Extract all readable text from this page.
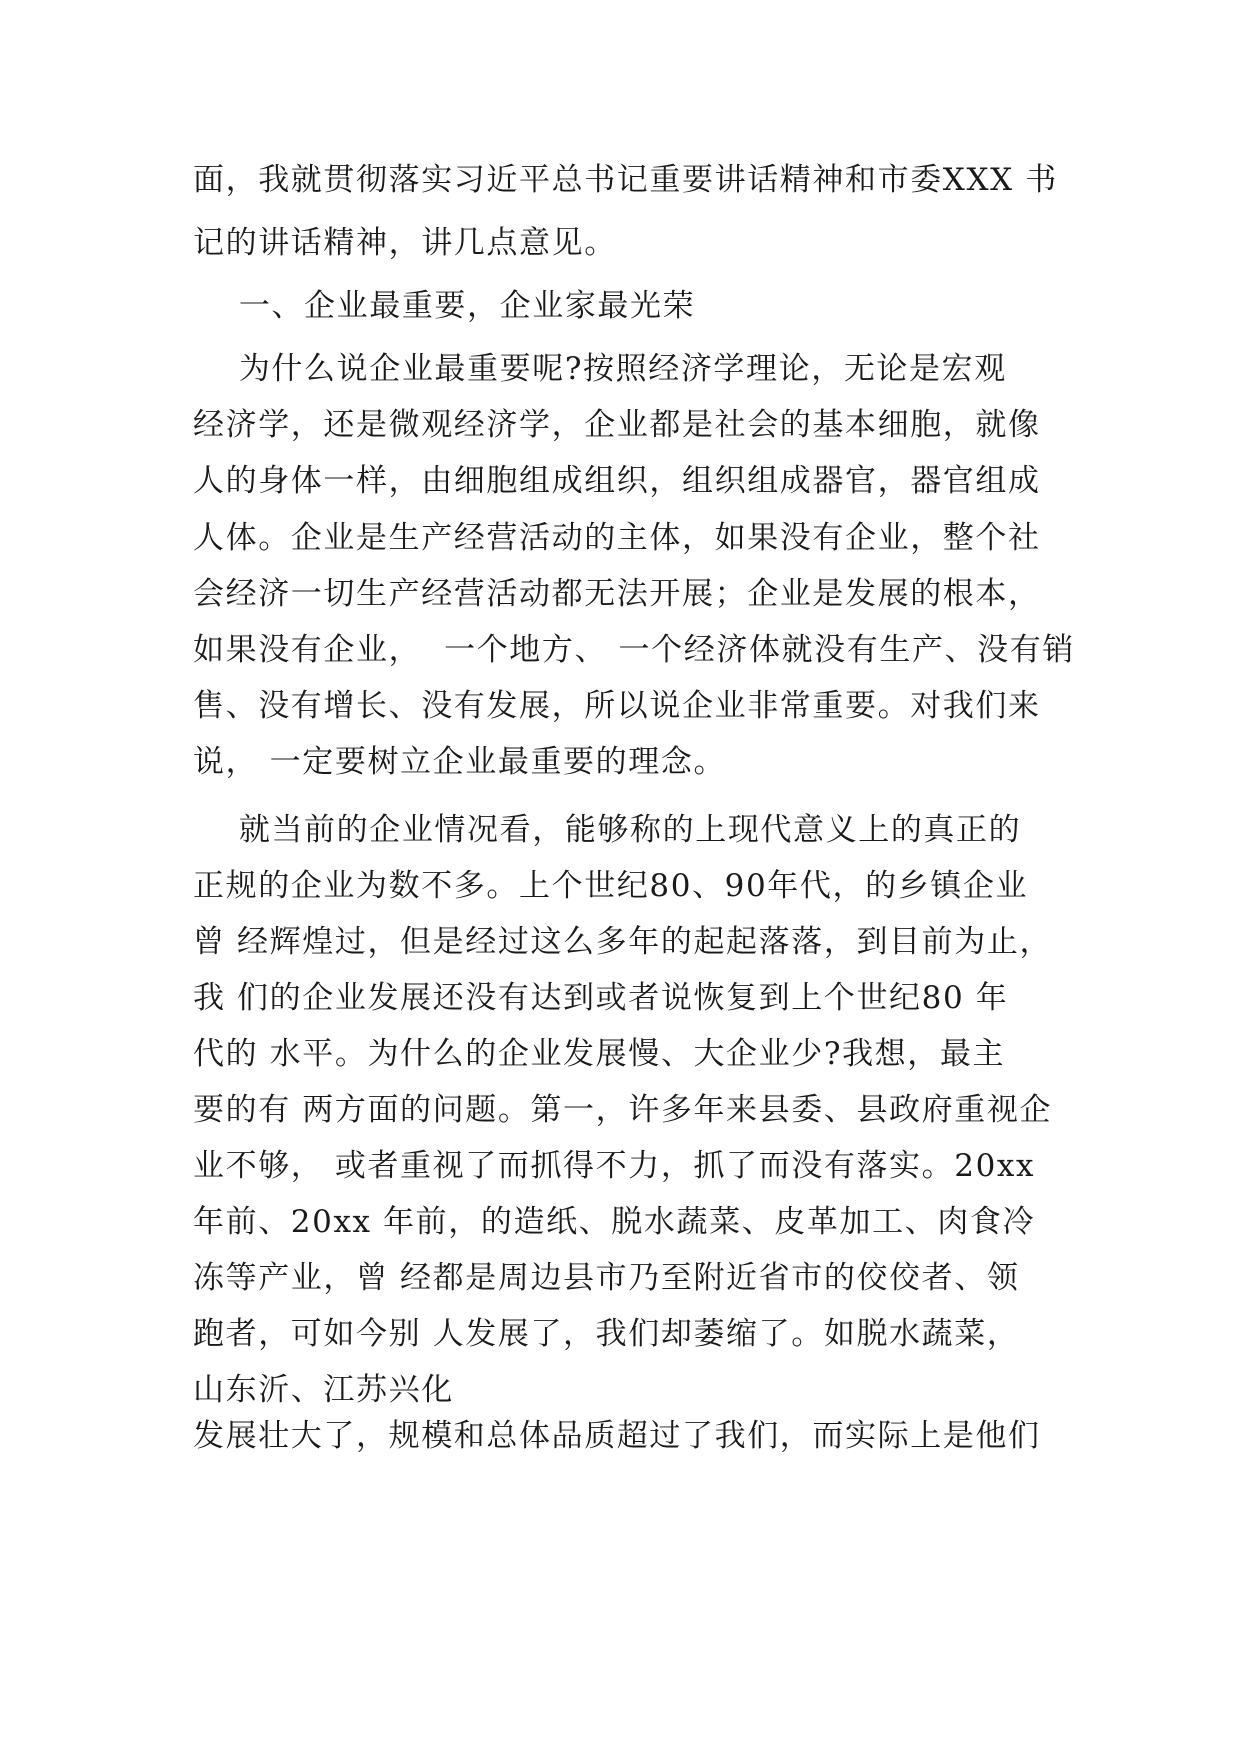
面，我就贯彻落实习近平总书记重要讲话精神和市委XXX 书

记的讲话精神，讲几点意见。

一、企业最重要，企业家最光荣

为什么说企业最重要呢?按照经济学理论，无论是宏观

经济学，还是微观经济学，企业都是社会的基本细胞，就像

人的身体一样，由细胞组成组织，组织组成器官，器官组成

人体。企业是生产经营活动的主体，如果没有企业，整个社

会经济一切生产经营活动都无法开展；企业是发展的根本，

如果没有企业，  一个地方、 一个经济体就没有生产、没有销

售、没有增长、没有发展，所以说企业非常重要。对我们来

说， 一定要树立企业最重要的理念。

就当前的企业情况看，能够称的上现代意义上的真正的

正规的企业为数不多。上个世纪80、90年代，的乡镇企业

曾 经辉煌过，但是经过这么多年的起起落落，到目前为止，

我 们的企业发展还没有达到或者说恢复到上个世纪80 年

代的 水平。为什么的企业发展慢、大企业少?我想，最主

要的有 两方面的问题。第一，许多年来县委、县政府重视企

业不够， 或者重视了而抓得不力，抓了而没有落实。20xx

年前、20xx 年前，的造纸、脱水蔬菜、皮革加工、肉食冷

冻等产业，曾 经都是周边县市乃至附近省市的佼佼者、领

跑者，可如今别 人发展了，我们却萎缩了。如脱水蔬菜，

山东沂、江苏兴化

发展壮大了，规模和总体品质超过了我们，而实际上是他们
